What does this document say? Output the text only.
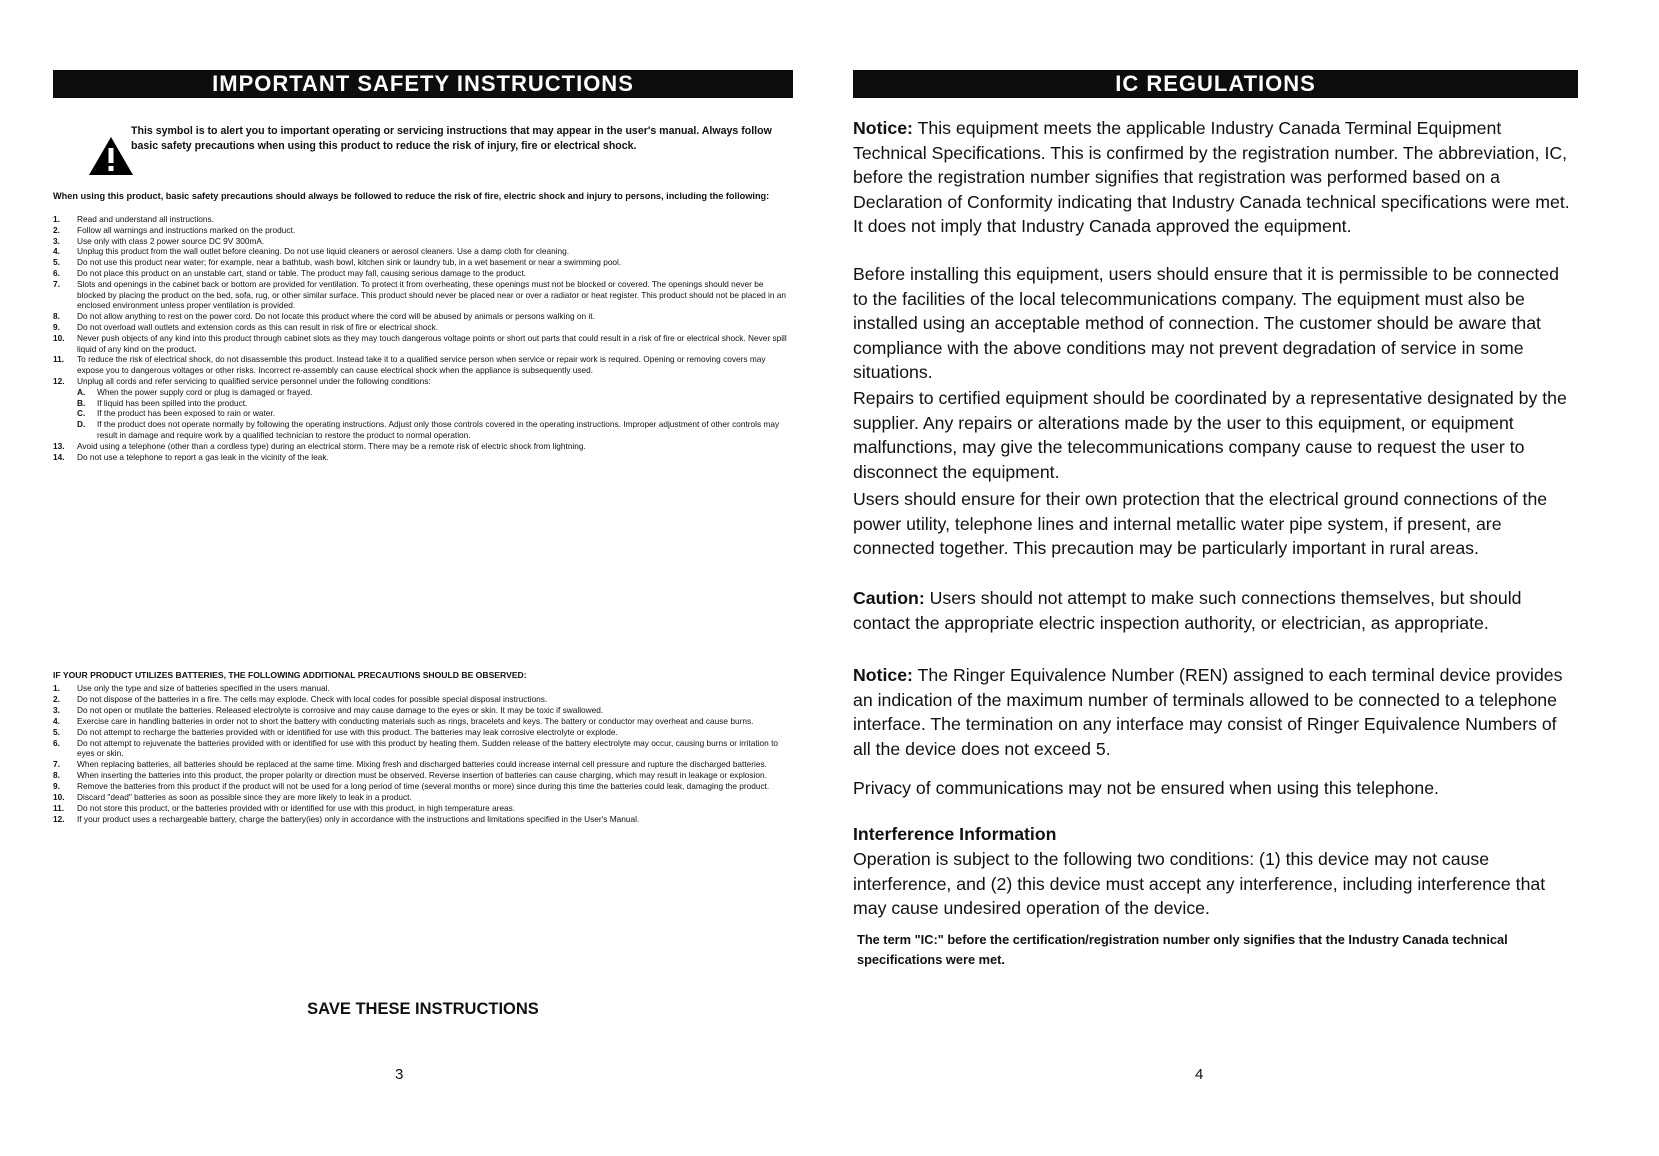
IMPORTANT SAFETY INSTRUCTIONS
This symbol is to alert you to important operating or servicing instructions that may appear in the user's manual. Always follow basic safety precautions when using this product to reduce the risk of injury, fire or electrical shock.
When using this product, basic safety precautions should always be followed to reduce the risk of fire, electric shock and injury to persons, including the following:
1.	Read and understand all instructions.
2.	Follow all warnings and instructions marked on the product.
3.	Use only with class 2 power source DC 9V 300mA.
4.	Unplug this product from the wall outlet before cleaning. Do not use liquid cleaners or aerosol cleaners. Use a damp cloth for cleaning.
5.	Do not use this product near water; for example, near a bathtub, wash bowl, kitchen sink or laundry tub, in a wet basement or near a swimming pool.
6.	Do not place this product on an unstable cart, stand or table. The product may fall, causing serious damage to the product.
7.	Slots and openings in the cabinet back or bottom are provided for ventilation. To protect it from overheating, these openings must not be blocked or covered. The openings should never be blocked by placing the product on the bed, sofa, rug, or other similar surface. This product should never be placed near or over a radiator or heat register. This product should not be placed in an enclosed environment unless proper ventilation is provided.
8.	Do not allow anything to rest on the power cord. Do not locate this product where the cord will be abused by animals or persons walking on it.
9.	Do not overload wall outlets and extension cords as this can result in risk of fire or electrical shock.
10.	Never push objects of any kind into this product through cabinet slots as they may touch dangerous voltage points or short out parts that could result in a risk of fire or electrical shock. Never spill liquid of any kind on the product.
11.	To reduce the risk of electrical shock, do not disassemble this product. Instead take it to a qualified service person when service or repair work is required. Opening or removing covers may expose you to dangerous voltages or other risks. Incorrect re-assembly can cause electrical shock when the appliance is subsequently used.
12.	Unplug all cords and refer servicing to qualified service personnel under the following conditions:
A.	When the power supply cord or plug is damaged or frayed.
B.	If liquid has been spilled into the product.
C.	If the product has been exposed to rain or water.
D.	If the product does not operate normally by following the operating instructions. Adjust only those controls covered in the operating instructions. Improper adjustment of other controls may result in damage and require work by a qualified technician to restore the product to normal operation.
13.	Avoid using a telephone (other than a cordless type) during an electrical storm. There may be a remote risk of electric shock from lightning.
14.	Do not use a telephone to report a gas leak in the vicinity of the leak.
IF YOUR PRODUCT UTILIZES BATTERIES, THE FOLLOWING ADDITIONAL PRECAUTIONS SHOULD BE OBSERVED:
1.	Use only the type and size of batteries specified in the users manual.
2.	Do not dispose of the batteries in a fire. The cells may explode. Check with local codes for possible special disposal instructions.
3.	Do not open or mutilate the batteries. Released electrolyte is corrosive and may cause damage to the eyes or skin. It may be toxic if swallowed.
4.	Exercise care in handling batteries in order not to short the battery with conducting materials such as rings, bracelets and keys. The battery or conductor may overheat and cause burns.
5.	Do not attempt to recharge the batteries provided with or identified for use with this product. The batteries may leak corrosive electrolyte or explode.
6.	Do not attempt to rejuvenate the batteries provided with or identified for use with this product by heating them. Sudden release of the battery electrolyte may occur, causing burns or irritation to eyes or skin.
7.	When replacing batteries, all batteries should be replaced at the same time. Mixing fresh and discharged batteries could increase internal cell pressure and rupture the discharged batteries.
8.	When inserting the batteries into this product, the proper polarity or direction must be observed. Reverse insertion of batteries can cause charging, which may result in leakage or explosion.
9.	Remove the batteries from this product if the product will not be used for a long period of time (several months or more) since during this time the batteries could leak, damaging the product.
10.	Discard "dead" batteries as soon as possible since they are more likely to leak in a product.
11.	Do not store this product, or the batteries provided with or identified for use with this product, in high temperature areas.
12.	If your product uses a rechargeable battery, charge the battery(ies) only in accordance with the instructions and limitations specified in the User's Manual.
SAVE THESE INSTRUCTIONS
3
IC REGULATIONS
Notice: This equipment meets the applicable Industry Canada Terminal Equipment Technical Specifications. This is confirmed by the registration number. The abbreviation, IC, before the registration number signifies that registration was performed based on a Declaration of Conformity indicating that Industry Canada technical specifications were met. It does not imply that Industry Canada approved the equipment.
Before installing this equipment, users should ensure that it is permissible to be connected to the facilities of the local telecommunications company. The equipment must also be installed using an acceptable method of connection. The customer should be aware that compliance with the above conditions may not prevent degradation of service in some situations.
Repairs to certified equipment should be coordinated by a representative designated by the supplier. Any repairs or alterations made by the user to this equipment, or equipment malfunctions, may give the telecommunications company cause to request the user to disconnect the equipment.
Users should ensure for their own protection that the electrical ground connections of the power utility, telephone lines and internal metallic water pipe system, if present, are connected together. This precaution may be particularly important in rural areas.
Caution: Users should not attempt to make such connections themselves, but should contact the appropriate electric inspection authority, or electrician, as appropriate.
Notice: The Ringer Equivalence Number (REN) assigned to each terminal device provides an indication of the maximum number of terminals allowed to be connected to a telephone interface. The termination on any interface may consist of Ringer Equivalence Numbers of all the device does not exceed 5.
Privacy of communications may not be ensured when using this telephone.
Interference Information
Operation is subject to the following two conditions: (1) this device may not cause interference, and (2) this device must accept any interference, including interference that may cause undesired operation of the device.
The term "IC:" before the certification/registration number only signifies that the Industry Canada technical specifications were met.
4
